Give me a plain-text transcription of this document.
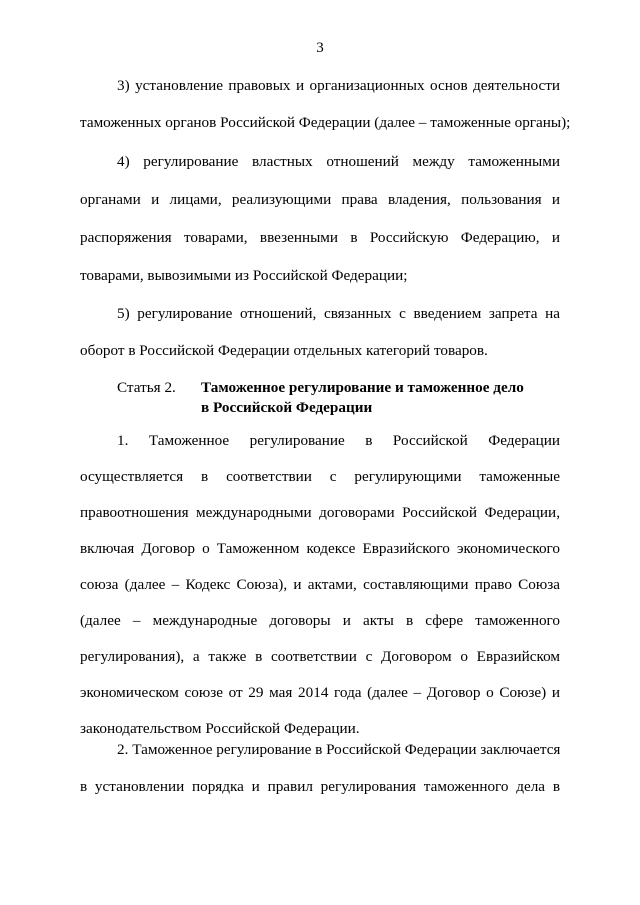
3
3) установление правовых и организационных основ деятельности
таможенных органов Российской Федерации (далее – таможенные органы);
4) регулирование властных отношений между таможенными
органами и лицами, реализующими права владения, пользования и
распоряжения товарами, ввезенными в Российскую Федерацию, и
товарами, вывозимыми из Российской Федерации;
5) регулирование отношений, связанных с введением запрета на
оборот в Российской Федерации отдельных категорий товаров.
Статья 2. Таможенное регулирование и таможенное дело
в Российской Федерации
1. Таможенное регулирование в Российской Федерации
осуществляется в соответствии с регулирующими таможенные
правоотношения международными договорами Российской Федерации,
включая Договор о Таможенном кодексе Евразийского экономического
союза (далее – Кодекс Союза), и актами, составляющими право Союза
(далее – международные договоры и акты в сфере таможенного
регулирования), а также в соответствии с Договором о Евразийском
экономическом союзе от 29 мая 2014 года (далее – Договор о Союзе) и
законодательством Российской Федерации.
2. Таможенное регулирование в Российской Федерации заключается
в установлении порядка и правил регулирования таможенного дела в
